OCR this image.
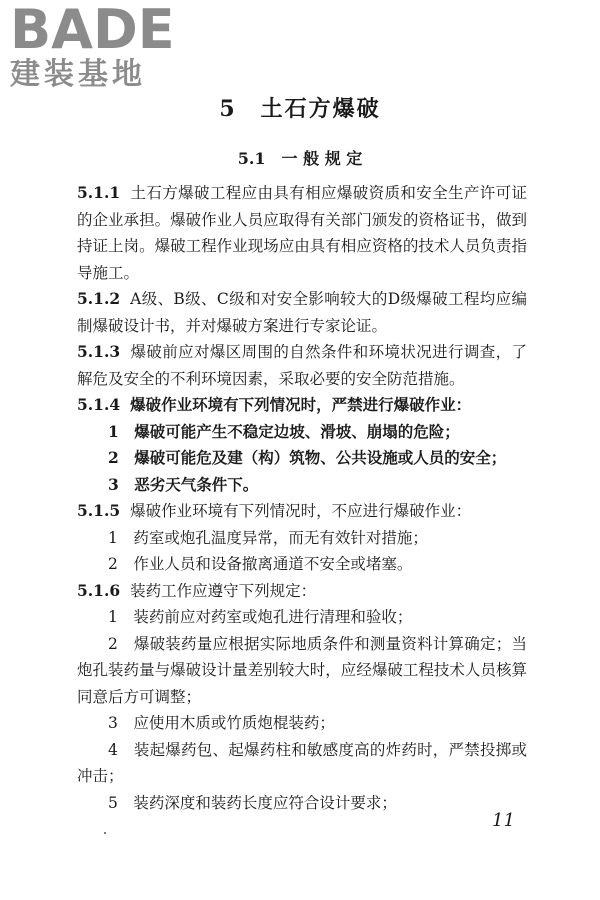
BADE
建装基地
5　土石方爆破
5.1　一 般 规 定

5.1.1 土石方爆破工程应由具有相应爆破资质和安全生产许可证的企业承担。爆破作业人员应取得有关部门颁发的资格证书，做到持证上岗。爆破工程作业现场应由具有相应资格的技术人员负责指导施工。

5.1.2 A级、B级、C级和对安全影响较大的D级爆破工程均应编制爆破设计书，并对爆破方案进行专家论证。

5.1.3 爆破前应对爆区周围的自然条件和环境状况进行调查，了解危及安全的不利环境因素，采取必要的安全防范措施。

5.1.4 爆破作业环境有下列情况时，严禁进行爆破作业：

1　爆破可能产生不稳定边坡、滑坡、崩塌的危险；

2　爆破可能危及建（构）筑物、公共设施或人员的安全；

3　恶劣天气条件下。

5.1.5 爆破作业环境有下列情况时，不应进行爆破作业：

1　药室或炮孔温度异常，而无有效针对措施；

2　作业人员和设备撤离通道不安全或堵塞。

5.1.6 装药工作应遵守下列规定：

1　装药前应对药室或炮孔进行清理和验收；

2　爆破装药量应根据实际地质条件和测量资料计算确定；当炮孔装药量与爆破设计量差别较大时，应经爆破工程技术人员核算同意后方可调整；

3　应使用木质或竹质炮棍装药；

4　装起爆药包、起爆药柱和敏感度高的炸药时，严禁投掷或冲击；

5　装药深度和装药长度应符合设计要求；

11
